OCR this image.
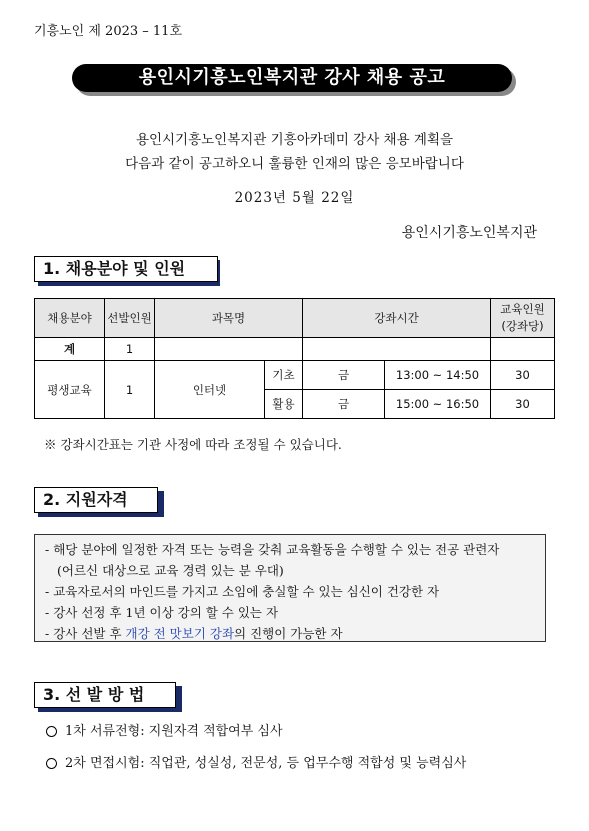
기흥노인 제 2023 – 11호
용인시기흥노인복지관 강사 채용 공고
용인시기흥노인복지관 기흥아카데미 강사 채용 계획을
다음과 같이 공고하오니 훌륭한 인재의 많은 응모바랍니다
2023년 5월 22일
용인시기흥노인복지관
1. 채용분야 및 인원
채용분야	선발인원	과목명		강좌시간		교육인원
(강좌당)
계	1					
평생교육	1	인터넷	기초	금	13:00 ~ 14:50	30
			활용	금	15:00 ~ 16:50	30
※ 강좌시간표는 기관 사정에 따라 조정될 수 있습니다.
2. 지원자격
- 해당 분야에 일정한 자격 또는 능력을 갖춰 교육활동을 수행할 수 있는 전공 관련자
(어르신 대상으로 교육 경력 있는 분 우대)
- 교육자로서의 마인드를 가지고 소임에 충실할 수 있는 심신이 건강한 자
- 강사 선정 후 1년 이상 강의 할 수 있는 자
- 강사 선발 후 개강 전 맛보기 강좌의 진행이 가능한 자
3. 선 발 방 법
1차 서류전형: 지원자격 적합여부 심사
2차 면접시험: 직업관, 성실성, 전문성, 등 업무수행 적합성 및 능력심사
